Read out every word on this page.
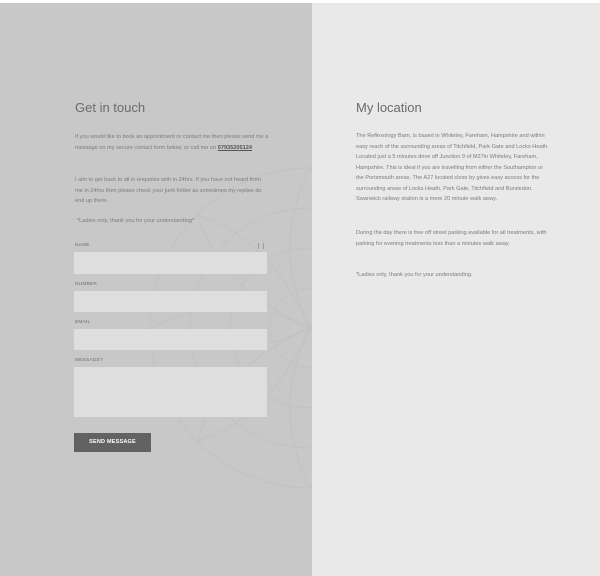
Get in touch

If you would like to book an appointment or contact me then please send me a message on my secure contact form below, or call me on 07935205124

I aim to get back to all in enquiries with in 24hrs. If you have not heard from me in 24hrs then please check your junk folder as sometimes my replies do end up there.

*Ladies only, thank you for your understanding*

NAME
NUMBER
EMAIL
MESSAGE?
SEND MESSAGE
My location

The Reflexology Barn, is based in Whiteley, Fareham, Hampshire and within easy reach of the surrounding areas of Titchfield, Park Gate and Locks Heath. Located just a 5 minutes drive off Junction 9 of M27in Whiteley, Fareham, Hampshire. This is ideal if you are travelling from either the Southampton or the Portsmouth areas. The A27 located close by gives easy access for the surrounding areas of Locks Heath, Park Gate, Titchfield and Bursledon. Swanwick railway station is a mere 20 minute walk away.

During the day there is free off street parking available for all treatments, with parking for evening treatments less than a minutes walk away.

*Ladies only, thank you for your understanding.
